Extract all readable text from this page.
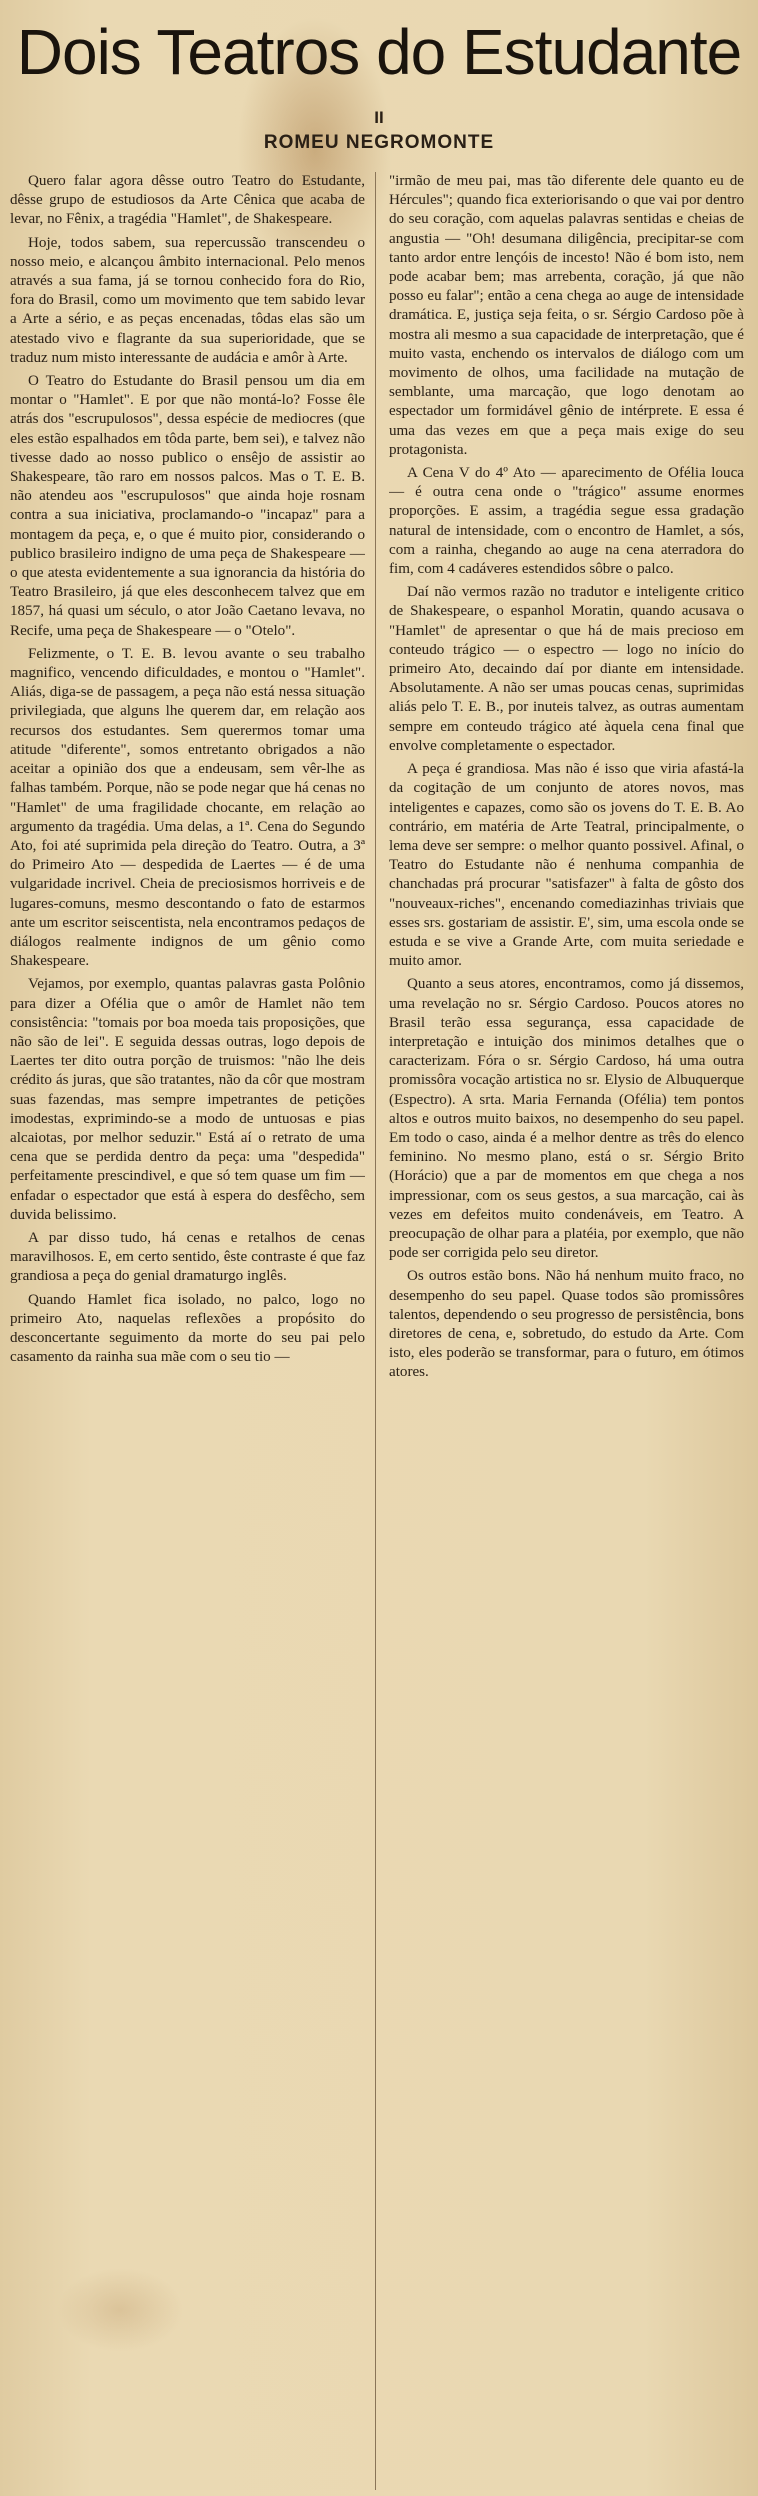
Dois Teatros do Estudante
II
ROMEU NEGROMONTE

Quero falar agora dêsse outro Teatro do Estudante, dêsse grupo de estudiosos da Arte Cênica que acaba de levar, no Fênix, a tragédia "Hamlet", de Shakespeare.

Hoje, todos sabem, sua repercussão transcendeu o nosso meio, e alcançou âmbito internacional. Pelo menos através a sua fama, já se tornou conhecido fora do Rio, fora do Brasil, como um movimento que tem sabido levar a Arte a sério, e as peças encenadas, tôdas elas são um atestado vivo e flagrante da sua superioridade, que se traduz num misto interessante de audácia e amôr à Arte.

O Teatro do Estudante do Brasil pensou um dia em montar o "Hamlet". E por que não montá-lo? Fosse êle atrás dos "escrupulosos", dessa espécie de mediocres (que eles estão espalhados em tôda parte, bem sei), e talvez não tivesse dado ao nosso publico o ensêjo de assistir ao Shakespeare, tão raro em nossos palcos. Mas o T. E. B. não atendeu aos "escrupulosos" que ainda hoje rosnam contra a sua iniciativa, proclamando-o "incapaz" para a montagem da peça, e, o que é muito pior, considerando o publico brasileiro indigno de uma peça de Shakespeare — o que atesta evidentemente a sua ignorancia da história do Teatro Brasileiro, já que eles desconhecem talvez que em 1857, há quasi um século, o ator João Caetano levava, no Recife, uma peça de Shakespeare — o "Otelo".

Felizmente, o T. E. B. levou avante o seu trabalho magnifico, vencendo dificuldades, e montou o "Hamlet". Aliás, diga-se de passagem, a peça não está nessa situação privilegiada, que alguns lhe querem dar, em relação aos recursos dos estudantes. Sem querermos tomar uma atitude "diferente", somos entretanto obrigados a não aceitar a opinião dos que a endeusam, sem vêr-lhe as falhas também. Porque, não se pode negar que há cenas no "Hamlet" de uma fragilidade chocante, em relação ao argumento da tragédia. Uma delas, a 1ª. Cena do Segundo Ato, foi até suprimida pela direção do Teatro. Outra, a 3ª do Primeiro Ato — despedida de Laertes — é de uma vulgaridade incrivel. Cheia de preciosismos horriveis e de lugares-comuns, mesmo descontando o fato de estarmos ante um escritor seiscentista, nela encontramos pedaços de diálogos realmente indignos de um gênio como Shakespeare.

Vejamos, por exemplo, quantas palavras gasta Polônio para dizer a Ofélia que o amôr de Hamlet não tem consistência: "tomais por boa moeda tais proposições, que não são de lei". E seguida dessas outras, logo depois de Laertes ter dito outra porção de truismos: "não lhe deis crédito ás juras, que são tratantes, não da côr que mostram suas fazendas, mas sempre impetrantes de petições imodestas, exprimindo-se a modo de untuosas e pias alcaiotas, por melhor seduzir." Está aí o retrato de uma cena que se perdida dentro da peça: uma "despedida" perfeitamente prescindivel, e que só tem quase um fim — enfadar o espectador que está à espera do desfêcho, sem duvida belissimo.

A par disso tudo, há cenas e retalhos de cenas maravilhosos. E, em certo sentido, êste contraste é que faz grandiosa a peça do genial dramaturgo inglês.

Quando Hamlet fica isolado, no palco, logo no primeiro Ato, naquelas reflexões a propósito do desconcertante seguimento da morte do seu pai pelo casamento da rainha sua mãe com o seu tio —

"irmão de meu pai, mas tão diferente dele quanto eu de Hércules"; quando fica exteriorisando o que vai por dentro do seu coração, com aquelas palavras sentidas e cheias de angustia — "Oh! desumana diligência, precipitar-se com tanto ardor entre lençóis de incesto! Não é bom isto, nem pode acabar bem; mas arrebenta, coração, já que não posso eu falar"; então a cena chega ao auge de intensidade dramática. E, justiça seja feita, o sr. Sérgio Cardoso põe à mostra ali mesmo a sua capacidade de interpretação, que é muito vasta, enchendo os intervalos de diálogo com um movimento de olhos, uma facilidade na mutação de semblante, uma marcação, que logo denotam ao espectador um formidável gênio de intérprete. E essa é uma das vezes em que a peça mais exige do seu protagonista.

A Cena V do 4º Ato — aparecimento de Ofélia louca — é outra cena onde o "trágico" assume enormes proporções. E assim, a tragédia segue essa gradação natural de intensidade, com o encontro de Hamlet, a sós, com a rainha, chegando ao auge na cena aterradora do fim, com 4 cadáveres estendidos sôbre o palco.

Daí não vermos razão no tradutor e inteligente critico de Shakespeare, o espanhol Moratin, quando acusava o "Hamlet" de apresentar o que há de mais precioso em conteudo trágico — o espectro — logo no início do primeiro Ato, decaindo daí por diante em intensidade. Absolutamente. A não ser umas poucas cenas, suprimidas aliás pelo T. E. B., por inuteis talvez, as outras aumentam sempre em conteudo trágico até àquela cena final que envolve completamente o espectador.

A peça é grandiosa. Mas não é isso que viria afastá-la da cogitação de um conjunto de atores novos, mas inteligentes e capazes, como são os jovens do T. E. B. Ao contrário, em matéria de Arte Teatral, principalmente, o lema deve ser sempre: o melhor quanto possivel. Afinal, o Teatro do Estudante não é nenhuma companhia de chanchadas prá procurar "satisfazer" à falta de gôsto dos "nouveaux-riches", encenando comediazinhas triviais que esses srs. gostariam de assistir. E', sim, uma escola onde se estuda e se vive a Grande Arte, com muita seriedade e muito amor.

Quanto a seus atores, encontramos, como já dissemos, uma revelação no sr. Sérgio Cardoso. Poucos atores no Brasil terão essa segurança, essa capacidade de interpretação e intuição dos minimos detalhes que o caracterizam. Fóra o sr. Sérgio Cardoso, há uma outra promissôra vocação artistica no sr. Elysio de Albuquerque (Espectro). A srta. Maria Fernanda (Ofélia) tem pontos altos e outros muito baixos, no desempenho do seu papel. Em todo o caso, ainda é a melhor dentre as três do elenco feminino. No mesmo plano, está o sr. Sérgio Brito (Horácio) que a par de momentos em que chega a nos impressionar, com os seus gestos, a sua marcação, cai às vezes em defeitos muito condenáveis, em Teatro. A preocupação de olhar para a platéia, por exemplo, que não pode ser corrigida pelo seu diretor.

Os outros estão bons. Não há nenhum muito fraco, no desempenho do seu papel. Quase todos são promissôres talentos, dependendo o seu progresso de persistência, bons diretores de cena, e, sobretudo, do estudo da Arte. Com isto, eles poderão se transformar, para o futuro, em ótimos atores.
